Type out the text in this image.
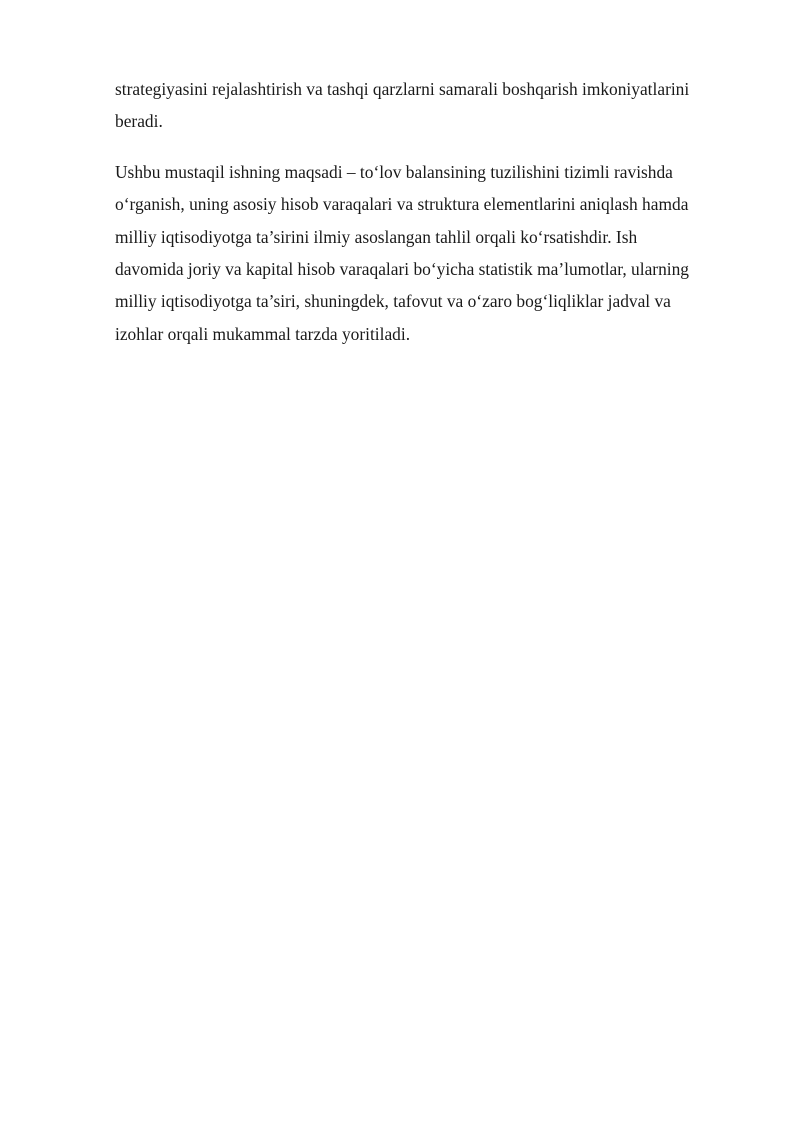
strategiyasini rejalashtirish va tashqi qarzlarni samarali boshqarish imkoniyatlarini
beradi.

Ushbu mustaqil ishning maqsadi – to‘lov balansining tuzilishini tizimli ravishda
o‘rganish, uning asosiy hisob varaqalari va struktura elementlarini aniqlash hamda
milliy iqtisodiyotga ta’sirini ilmiy asoslangan tahlil orqali ko‘rsatishdir. Ish
davomida joriy va kapital hisob varaqalari bo‘yicha statistik ma’lumotlar, ularning
milliy iqtisodiyotga ta’siri, shuningdek, tafovut va o‘zaro bog‘liqliklar jadval va
izohlar orqali mukammal tarzda yoritiladi.
